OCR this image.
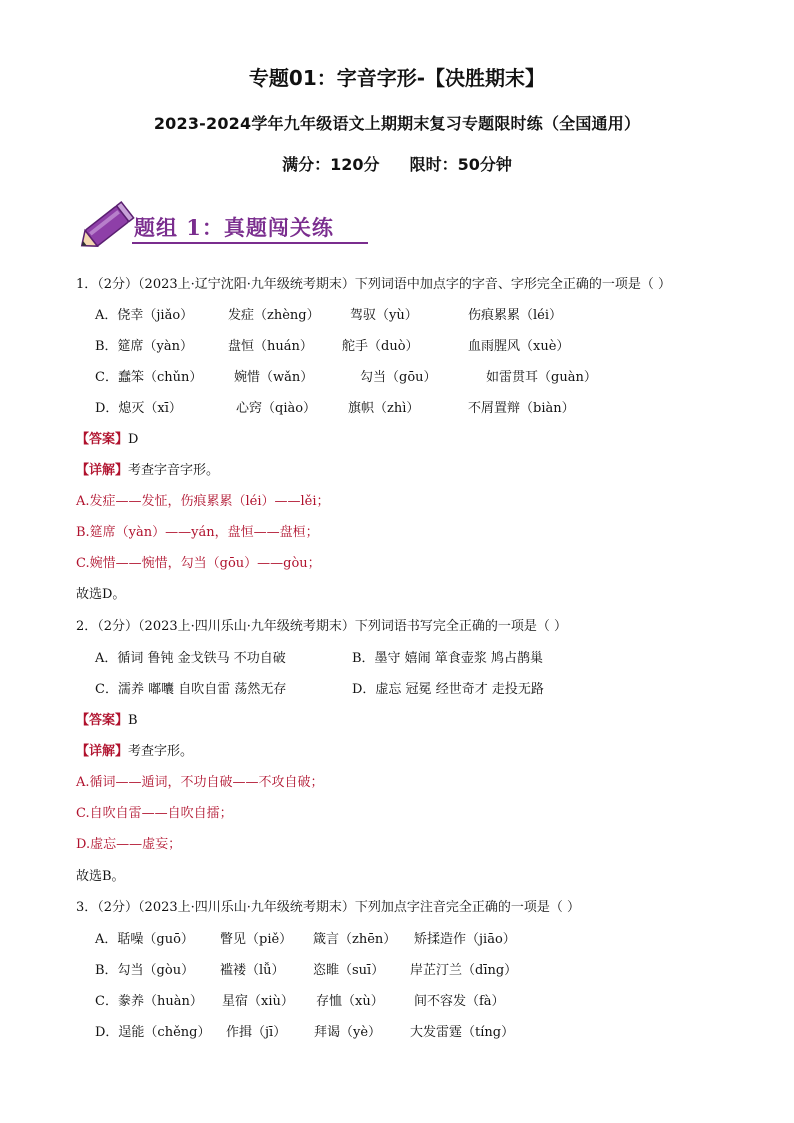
专题01：字音字形-【决胜期末】
2023-2024学年九年级语文上期期末复习专题限时练（全国通用）
满分：120分 限时：50分钟
题组 1：真题闯关练
1．（2分）（2023上·辽宁沈阳·九年级统考期末）下列词语中加点字的字音、字形完全正确的一项是（ ）
A．侥幸（jiǎo）	发症（zhèng） 驾驭（yù）	伤痕累累（léi）
B．筵席（yàn）	盘恒（huán） 舵手（duò）	血雨腥风（xuè）
C．蠢笨（chǔn） 婉惜（wǎn）	勾当（gōu）	如雷贯耳（guàn）
D．熄灭（xī）	心窍（qiào） 旗帜（zhì）	不屑置辩（biàn）
【答案】D
【详解】考查字音字形。
A.发症——发怔，伤痕累累（léi）——lěi；
B.筵席（yàn）——yán，盘恒——盘桓；
C.婉惜——惋惜，勾当（gōu）——gòu；
故选D。
2．（2分）（2023上·四川乐山·九年级统考期末）下列词语书写完全正确的一项是（ ）
A．循词 鲁钝 金戈铁马 不功自破	B．墨守 嬉闹 箪食壶浆 鸠占鹊巢
C．濡养 嘟囔 自吹自雷 荡然无存	D．虚忘 冠冕 经世奇才 走投无路
【答案】B
【详解】考查字形。
A.循词——遁词，不功自破——不攻自破；
C.自吹自雷——自吹自擂；
D.虚忘——虚妄；
故选B。
3．（2分）（2023上·四川乐山·九年级统考期末）下列加点字注音完全正确的一项是（ ）
A．聒噪（guō） 瞥见（piě） 箴言（zhēn） 矫揉造作（jiāo）
B．勾当（gòu） 褴褛（lǚ） 恣睢（suī） 岸芷汀兰（dīng）
C．豢养（huàn） 星宿（xiù） 存恤（xù） 间不容发（fà）
D．逞能（chěng） 作揖（jī） 拜谒（yè） 大发雷霆（tíng）
